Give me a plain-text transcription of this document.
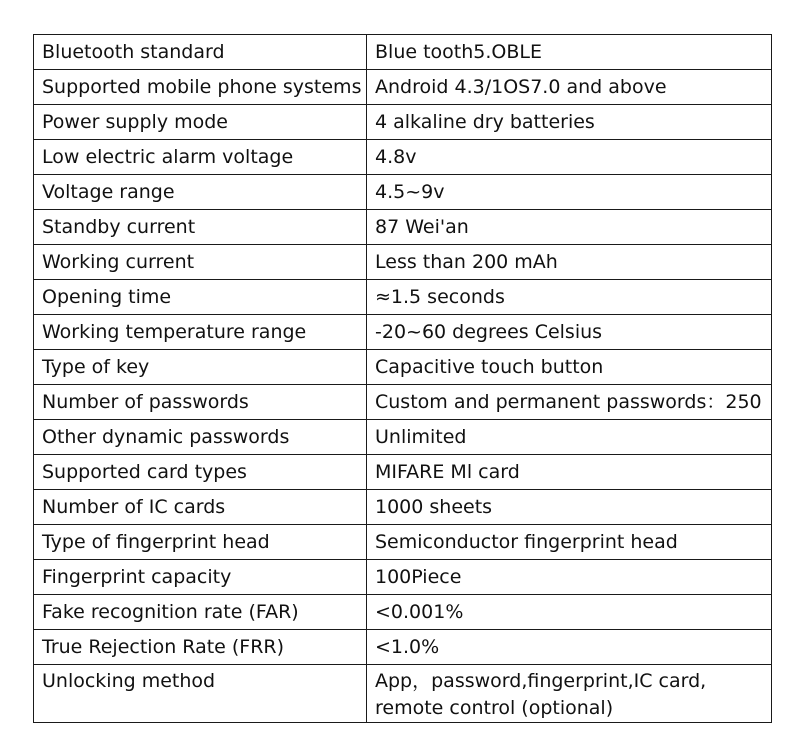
Bluetooth standard	Blue tooth5.OBLE
Supported mobile phone systems	Android 4.3/1OS7.0 and above
Power supply mode	4 alkaline dry batteries
Low electric alarm voltage	4.8v
Voltage range	4.5~9v
Standby current	87 Wei'an
Working current	Less than 200 mAh
Opening time	≈1.5 seconds
Working temperature range	-20~60 degrees Celsius
Type of key	Capacitive touch button
Number of passwords	Custom and permanent passwords：250
Other dynamic passwords	Unlimited
Supported card types	MIFARE Ml card
Number of IC cards	1000 sheets
Type of fingerprint head	Semiconductor fingerprint head
Fingerprint capacity	100Piece
Fake recognition rate (FAR)	<0.001%
True Rejection Rate (FRR)	<1.0%
Unlocking method	App，password,fingerprint,IC card,
remote control (optional)
